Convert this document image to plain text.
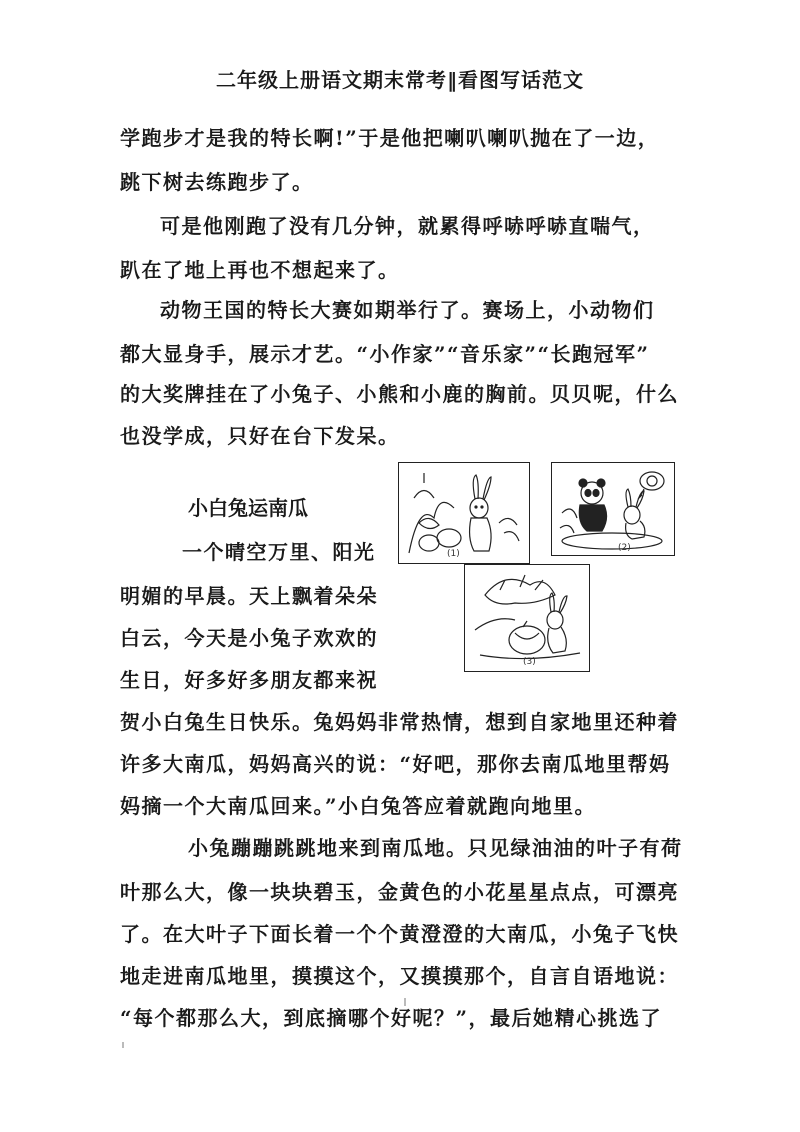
二年级上册语文期末常考‖看图写话范文
学跑步才是我的特长啊!”于是他把喇叭喇叭抛在了一边，
跳下树去练跑步了。
可是他刚跑了没有几分钟，就累得呼哧呼哧直喘气，
趴在了地上再也不想起来了。
动物王国的特长大赛如期举行了。赛场上，小动物们
都大显身手，展示才艺。“小作家”“音乐家”“长跑冠军”
的大奖牌挂在了小兔子、小熊和小鹿的胸前。贝贝呢，什么
也没学成，只好在台下发呆。
小白兔运南瓜
一个晴空万里、阳光
明媚的早晨。天上飘着朵朵
白云，今天是小兔子欢欢的
生日，好多好多朋友都来祝
贺小白兔生日快乐。兔妈妈非常热情，想到自家地里还种着
许多大南瓜，妈妈高兴的说：“好吧，那你去南瓜地里帮妈
妈摘一个大南瓜回来。”小白兔答应着就跑向地里。
小兔蹦蹦跳跳地来到南瓜地。只见绿油油的叶子有荷
叶那么大，像一块块碧玉，金黄色的小花星星点点，可漂亮
了。在大叶子下面长着一个个黄澄澄的大南瓜，小兔子飞快
地走进南瓜地里，摸摸这个，又摸摸那个，自言自语地说：
“每个都那么大，到底摘哪个好呢？”，最后她精心挑选了
(1)
(2)
(3)
